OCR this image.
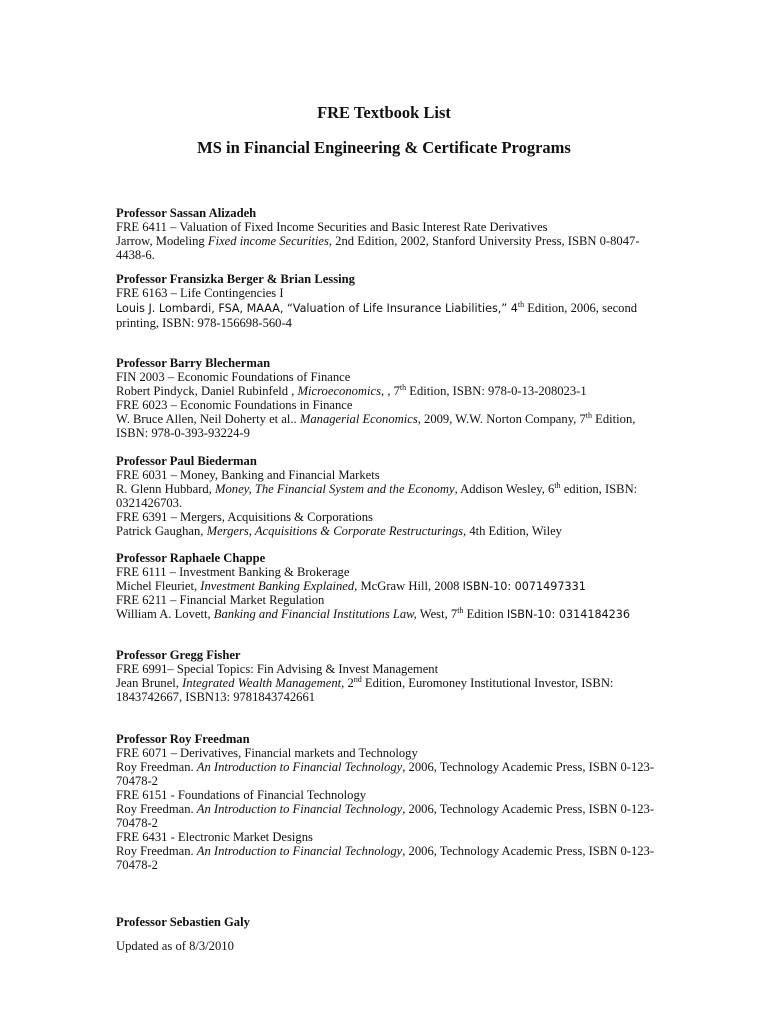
FRE Textbook List
MS in Financial Engineering & Certificate Programs
Professor Sassan Alizadeh
FRE 6411 – Valuation of Fixed Income Securities and Basic Interest Rate Derivatives
Jarrow, Modeling Fixed income Securities, 2nd Edition, 2002, Stanford University Press, ISBN 0-8047-4438-6.
Professor Fransizka Berger & Brian Lessing
FRE 6163 – Life Contingencies I
Louis J. Lombardi, FSA, MAAA, “Valuation of Life Insurance Liabilities,” 4th Edition, 2006, second printing, ISBN: 978-156698-560-4
Professor Barry Blecherman
FIN 2003 – Economic Foundations of Finance
Robert Pindyck, Daniel Rubinfeld , Microeconomics, , 7th Edition, ISBN: 978-0-13-208023-1
FRE 6023 – Economic Foundations in Finance
W. Bruce Allen, Neil Doherty et al.. Managerial Economics, 2009, W.W. Norton Company, 7th Edition, ISBN: 978-0-393-93224-9
Professor Paul Biederman
FRE 6031 – Money, Banking and Financial Markets
R. Glenn Hubbard, Money, The Financial System and the Economy, Addison Wesley, 6th edition, ISBN: 0321426703.
FRE 6391 – Mergers, Acquisitions & Corporations
Patrick Gaughan, Mergers, Acquisitions & Corporate Restructurings, 4th Edition, Wiley
Professor Raphaele Chappe
FRE 6111 – Investment Banking & Brokerage
Michel Fleuriet, Investment Banking Explained, McGraw Hill, 2008 ISBN-10: 0071497331
FRE 6211 – Financial Market Regulation
William A. Lovett, Banking and Financial Institutions Law, West, 7th Edition ISBN-10: 0314184236
Professor Gregg Fisher
FRE 6991– Special Topics: Fin Advising & Invest Management
Jean Brunel, Integrated Wealth Management, 2nd Edition, Euromoney Institutional Investor, ISBN: 1843742667, ISBN13: 9781843742661
Professor Roy Freedman
FRE 6071 – Derivatives, Financial markets and Technology
Roy Freedman. An Introduction to Financial Technology, 2006, Technology Academic Press, ISBN 0-123-70478-2
FRE 6151 - Foundations of Financial Technology
Roy Freedman. An Introduction to Financial Technology, 2006, Technology Academic Press, ISBN 0-123-70478-2
FRE 6431 - Electronic Market Designs
Roy Freedman. An Introduction to Financial Technology, 2006, Technology Academic Press, ISBN 0-123-70478-2
Professor Sebastien Galy
Updated as of 8/3/2010
